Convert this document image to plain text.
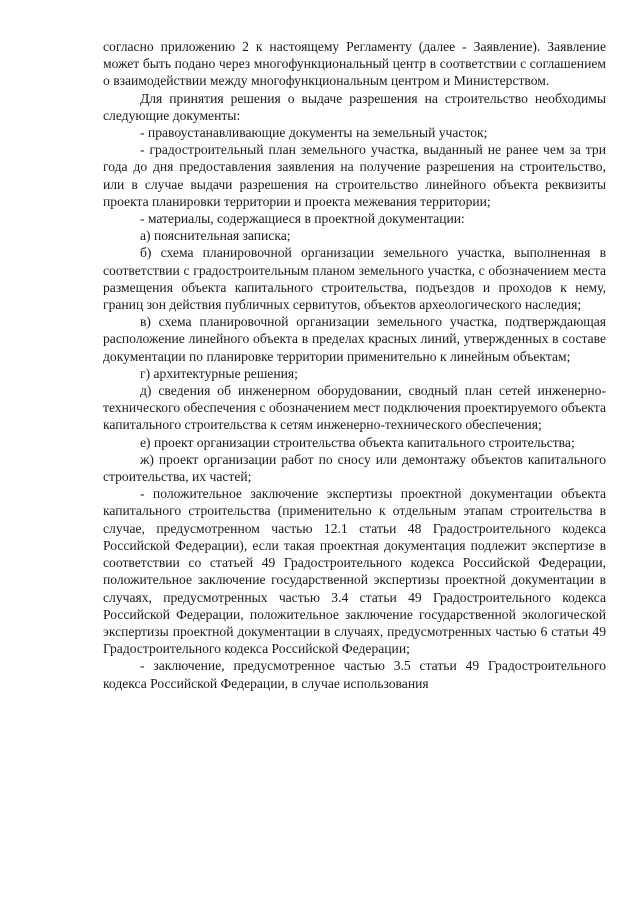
согласно приложению 2 к настоящему Регламенту (далее - Заявление). Заявление может быть подано через многофункциональный центр в соответствии с соглашением о взаимодействии между многофункциональным центром и Министерством.

Для принятия решения о выдаче разрешения на строительство необходимы следующие документы:

- правоустанавливающие документы на земельный участок;

- градостроительный план земельного участка, выданный не ранее чем за три года до дня предоставления заявления на получение разрешения на строительство, или в случае выдачи разрешения на строительство линейного объекта реквизиты проекта планировки территории и проекта межевания территории;

- материалы, содержащиеся в проектной документации:

а) пояснительная записка;

б) схема планировочной организации земельного участка, выполненная в соответствии с градостроительным планом земельного участка, с обозначением места размещения объекта капитального строительства, подъездов и проходов к нему, границ зон действия публичных сервитутов, объектов археологического наследия;

в) схема планировочной организации земельного участка, подтверждающая расположение линейного объекта в пределах красных линий, утвержденных в составе документации по планировке территории применительно к линейным объектам;

г) архитектурные решения;

д) сведения об инженерном оборудовании, сводный план сетей инженерно-технического обеспечения с обозначением мест подключения проектируемого объекта капитального строительства к сетям инженерно-технического обеспечения;

е) проект организации строительства объекта капитального строительства;

ж) проект организации работ по сносу или демонтажу объектов капитального строительства, их частей;

- положительное заключение экспертизы проектной документации объекта капитального строительства (применительно к отдельным этапам строительства в случае, предусмотренном частью 12.1 статьи 48 Градостроительного кодекса Российской Федерации), если такая проектная документация подлежит экспертизе в соответствии со статьей 49 Градостроительного кодекса Российской Федерации, положительное заключение государственной экспертизы проектной документации в случаях, предусмотренных частью 3.4 статьи 49 Градостроительного кодекса Российской Федерации, положительное заключение государственной экологической экспертизы проектной документации в случаях, предусмотренных частью 6 статьи 49 Градостроительного кодекса Российской Федерации;

- заключение, предусмотренное частью 3.5 статьи 49 Градостроительного кодекса Российской Федерации, в случае использования
